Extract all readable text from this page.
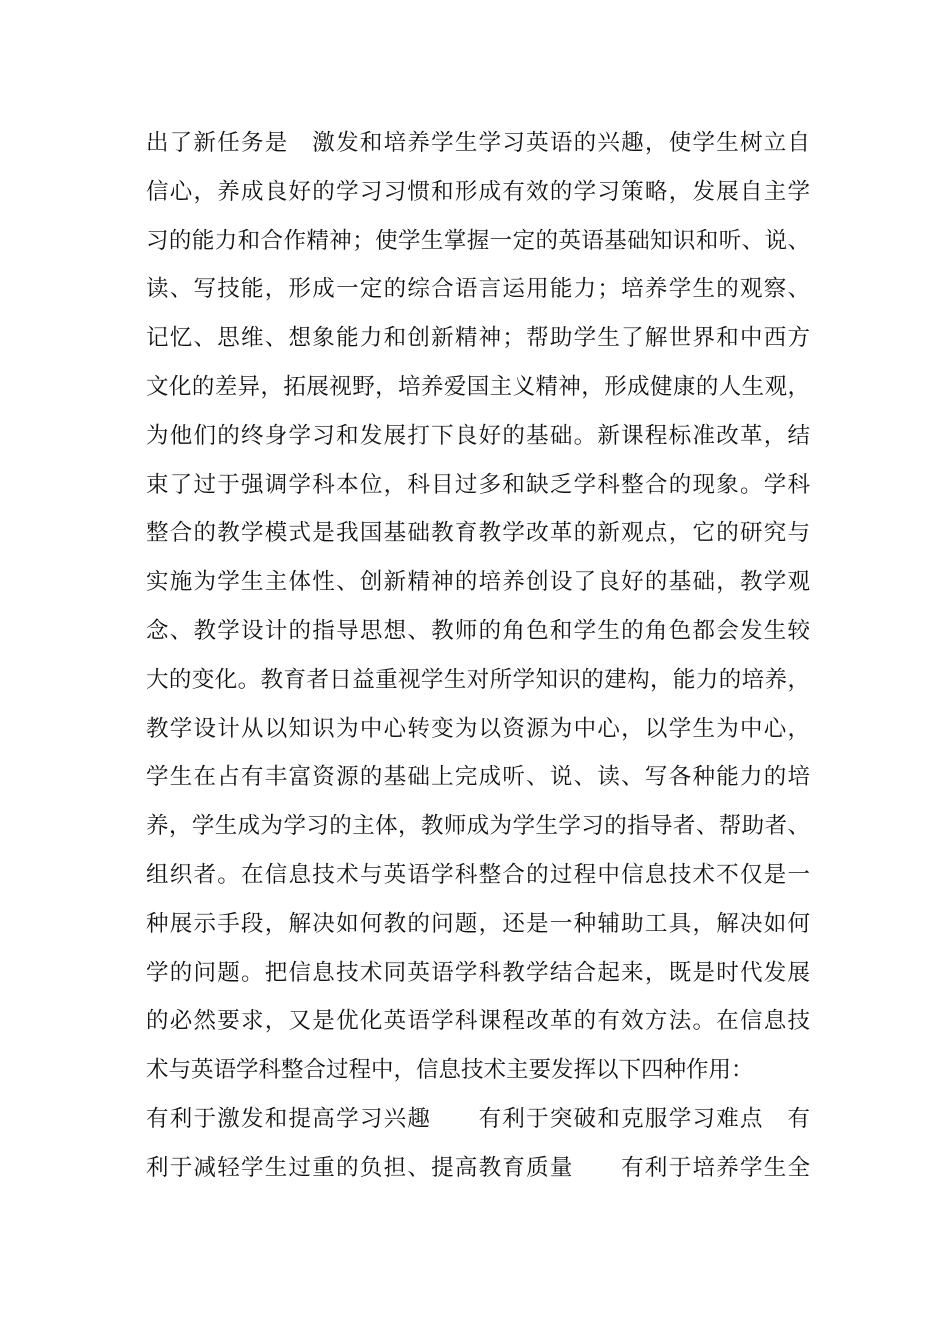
出了新任务是　激发和培养学生学习英语的兴趣，使学生树立自
信心，养成良好的学习习惯和形成有效的学习策略，发展自主学
习的能力和合作精神；使学生掌握一定的英语基础知识和听、说、
读、写技能，形成一定的综合语言运用能力；培养学生的观察、
记忆、思维、想象能力和创新精神；帮助学生了解世界和中西方
文化的差异，拓展视野，培养爱国主义精神，形成健康的人生观，
为他们的终身学习和发展打下良好的基础。新课程标准改革，结
束了过于强调学科本位，科目过多和缺乏学科整合的现象。学科
整合的教学模式是我国基础教育教学改革的新观点，它的研究与
实施为学生主体性、创新精神的培养创设了良好的基础，教学观
念、教学设计的指导思想、教师的角色和学生的角色都会发生较
大的变化。教育者日益重视学生对所学知识的建构，能力的培养，
教学设计从以知识为中心转变为以资源为中心，以学生为中心，
学生在占有丰富资源的基础上完成听、说、读、写各种能力的培
养，学生成为学习的主体，教师成为学生学习的指导者、帮助者、
组织者。在信息技术与英语学科整合的过程中信息技术不仅是一
种展示手段，解决如何教的问题，还是一种辅助工具，解决如何
学的问题。把信息技术同英语学科教学结合起来，既是时代发展
的必然要求，又是优化英语学科课程改革的有效方法。在信息技
术与英语学科整合过程中，信息技术主要发挥以下四种作用：
有利于激发和提高学习兴趣　　有利于突破和克服学习难点　有
利于减轻学生过重的负担、提高教育质量　　有利于培养学生全
